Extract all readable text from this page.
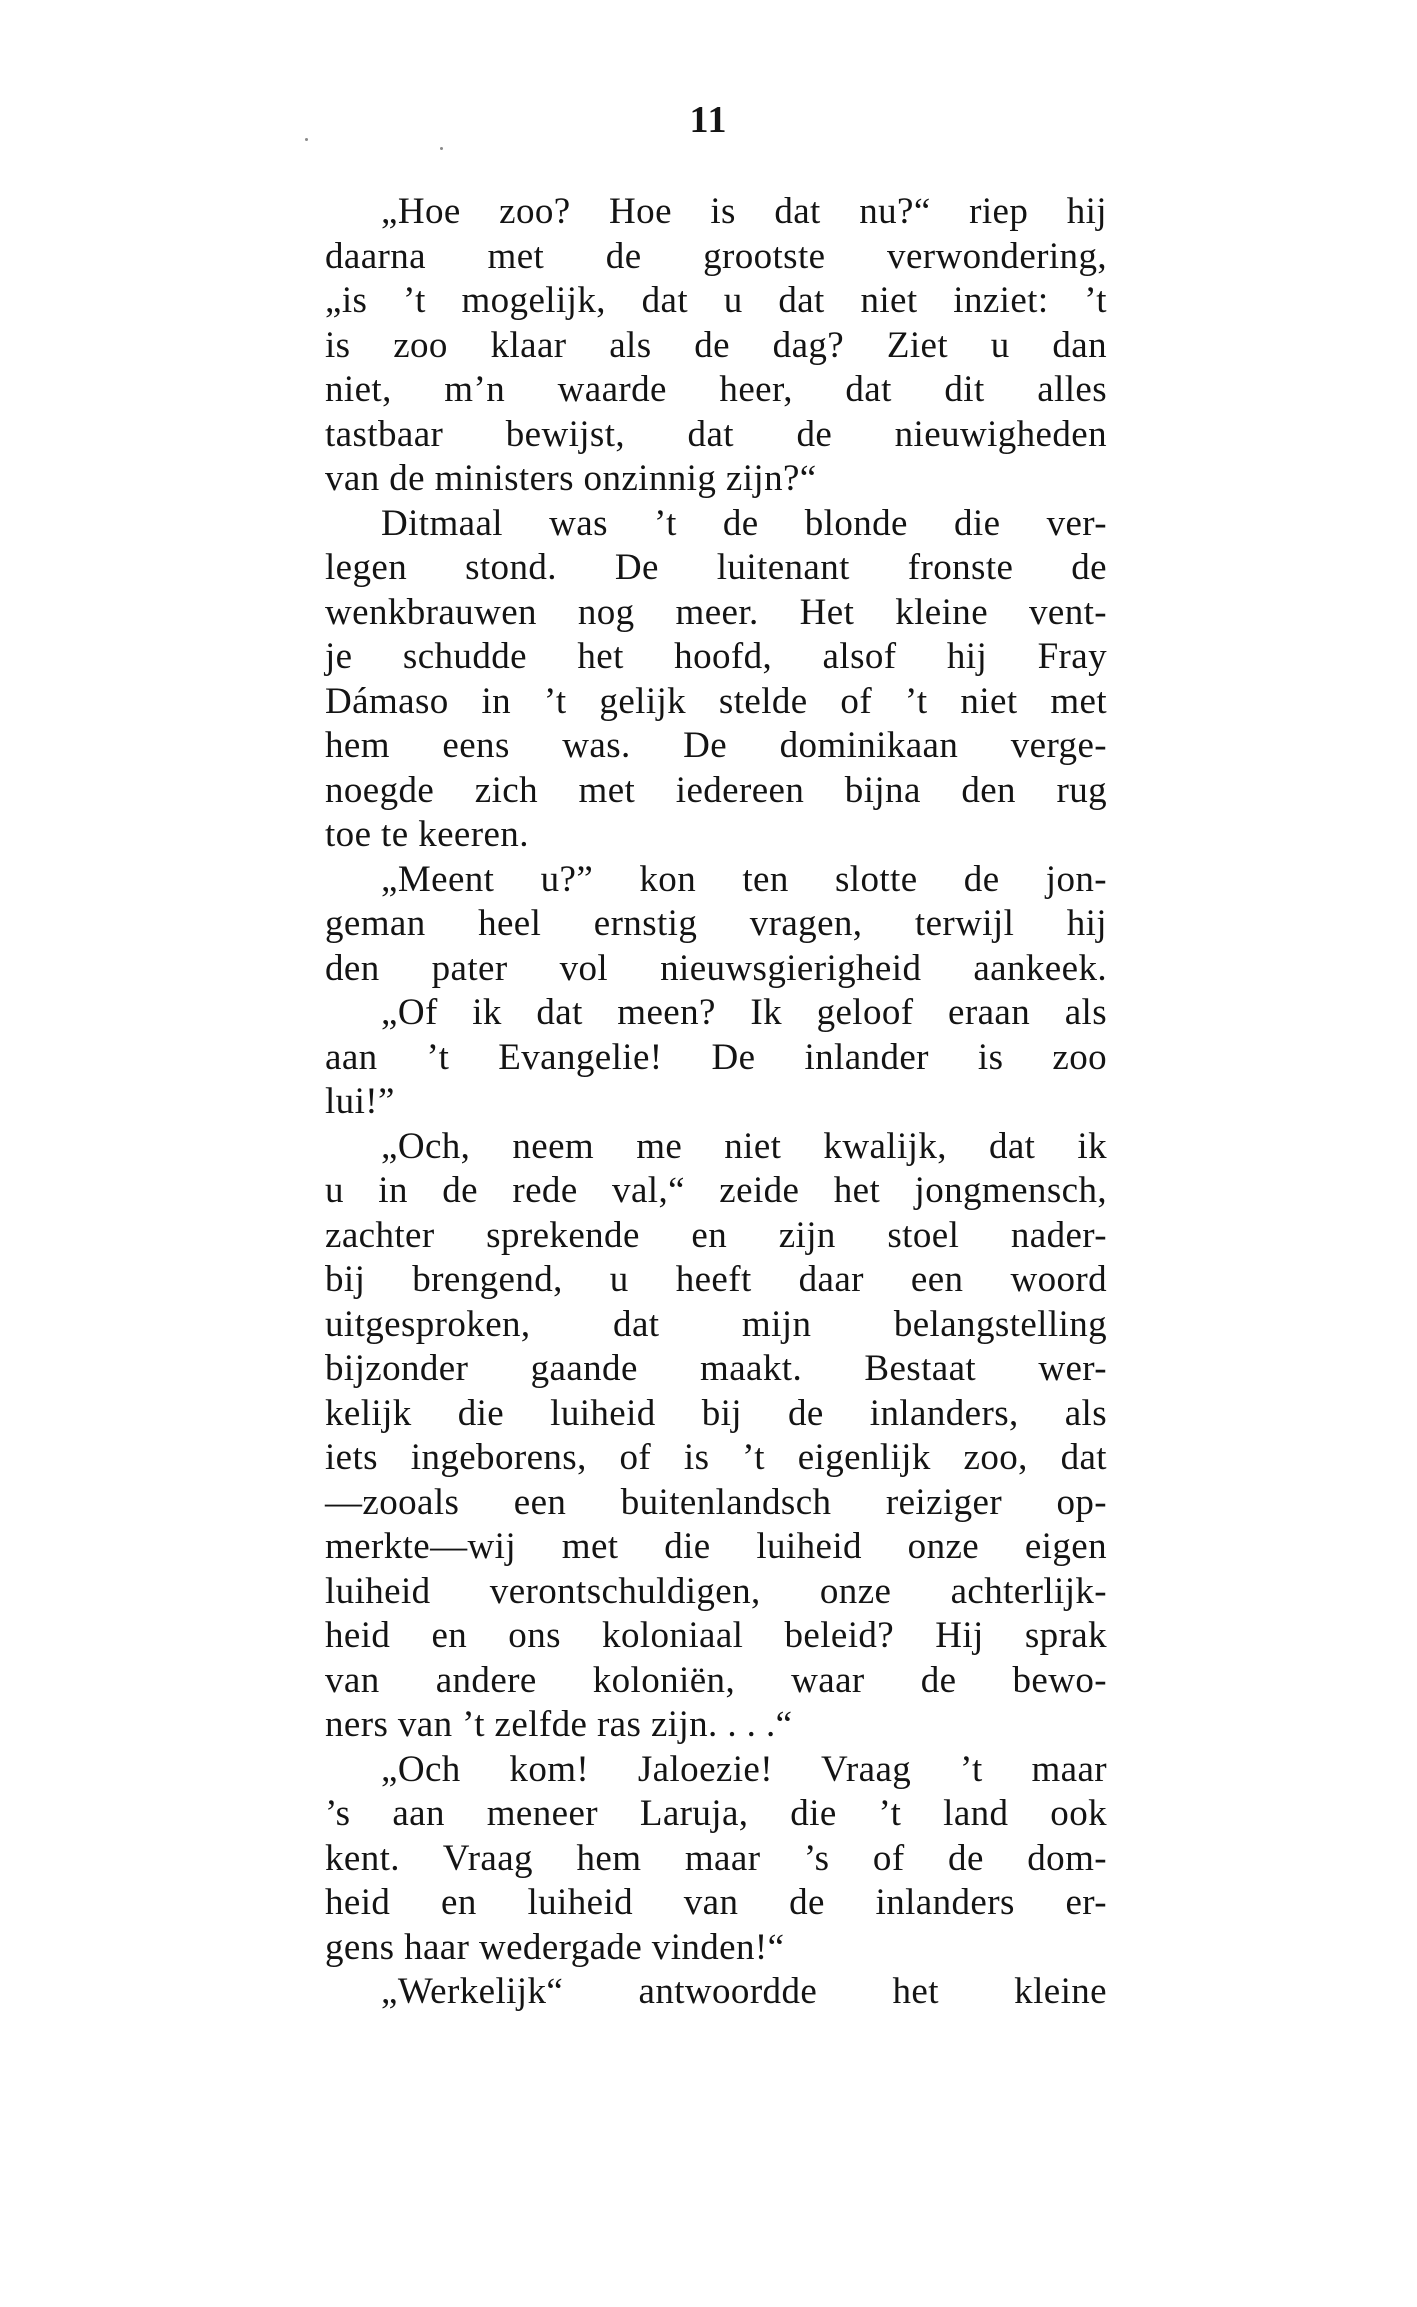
11
„Hoe zoo? Hoe is dat nu?“ riep hij
daarna met de grootste verwondering,
„is ’t mogelijk, dat u dat niet inziet: ’t
is zoo klaar als de dag? Ziet u dan
niet, m’n waarde heer, dat dit alles
tastbaar bewijst, dat de nieuwigheden
van de ministers onzinnig zijn?“
Ditmaal was ’t de blonde die ver-
legen stond. De luitenant fronste de
wenkbrauwen nog meer. Het kleine vent-
je schudde het hoofd, alsof hij Fray
Dámaso in ’t gelijk stelde of ’t niet met
hem eens was. De dominikaan verge-
noegde zich met iedereen bijna den rug
toe te keeren.
„Meent u?” kon ten slotte de jon-
geman heel ernstig vragen, terwijl hij
den pater vol nieuwsgierigheid aankeek.
„Of ik dat meen? Ik geloof eraan als
aan ’t Evangelie! De inlander is zoo
lui!”
„Och, neem me niet kwalijk, dat ik
u in de rede val,“ zeide het jongmensch,
zachter sprekende en zijn stoel nader-
bij brengend, u heeft daar een woord
uitgesproken, dat mijn belangstelling
bijzonder gaande maakt. Bestaat wer-
kelijk die luiheid bij de inlanders, als
iets ingeborens, of is ’t eigenlijk zoo, dat
—zooals een buitenlandsch reiziger op-
merkte—wij met die luiheid onze eigen
luiheid verontschuldigen, onze achterlijk-
heid en ons koloniaal beleid? Hij sprak
van andere koloniën, waar de bewo-
ners van ’t zelfde ras zijn. . . .“
„Och kom! Jaloezie! Vraag ’t maar
’s aan meneer Laruja, die ’t land ook
kent. Vraag hem maar ’s of de dom-
heid en luiheid van de inlanders er-
gens haar wedergade vinden!“
„Werkelijk“ antwoordde het kleine
